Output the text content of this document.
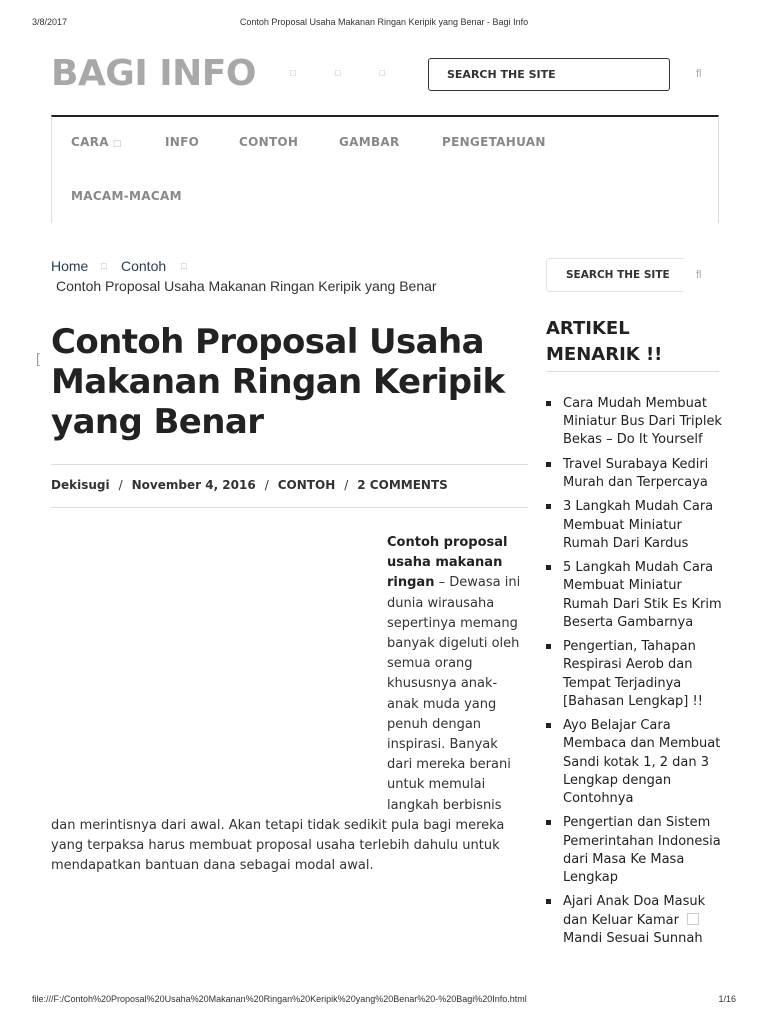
3/8/2017	Contoh Proposal Usaha Makanan Ringan Keripik yang Benar - Bagi Info
BAGI INFO	□	□	□
SEARCH THE SITE	fl
CARA □	INFO	CONTOH	GAMBAR	PENGETAHUAN
MACAM-MACAM
Home □ Contoh □
Contoh Proposal Usaha Makanan Ringan Keripik yang Benar
[ Contoh Proposal Usaha Makanan Ringan Keripik yang Benar
Dekisugi / November 4, 2016 / CONTOH / 2 COMMENTS

Contoh proposal usaha makanan ringan – Dewasa ini dunia wirausaha sepertinya memang banyak digeluti oleh semua orang khususnya anak-anak muda yang penuh dengan inspirasi. Banyak dari mereka berani untuk memulai langkah berbisnis dan merintisnya dari awal. Akan tetapi tidak sedikit pula bagi mereka yang terpaksa harus membuat proposal usaha terlebih dahulu untuk mendapatkan bantuan dana sebagai modal awal.

SEARCH THE SITE
fl
ARTIKEL MENARIK !!
Cara Mudah Membuat Miniatur Bus Dari Triplek Bekas – Do It Yourself
Travel Surabaya Kediri Murah dan Terpercaya
3 Langkah Mudah Cara Membuat Miniatur Rumah Dari Kardus
5 Langkah Mudah Cara Membuat Miniatur Rumah Dari Stik Es Krim Beserta Gambarnya
Pengertian, Tahapan Respirasi Aerob dan Tempat Terjadinya [Bahasan Lengkap] !!
Ayo Belajar Cara Membaca dan Membuat Sandi kotak 1, 2 dan 3 Lengkap dengan Contohnya
Pengertian dan Sistem Pemerintahan Indonesia dari Masa Ke Masa Lengkap
Ajari Anak Doa Masuk dan Keluar Kamar Mandi Sesuai Sunnah
file:///F:/Contoh%20Proposal%20Usaha%20Makanan%20Ringan%20Keripik%20yang%20Benar%20-%20Bagi%20Info.html	1/16
